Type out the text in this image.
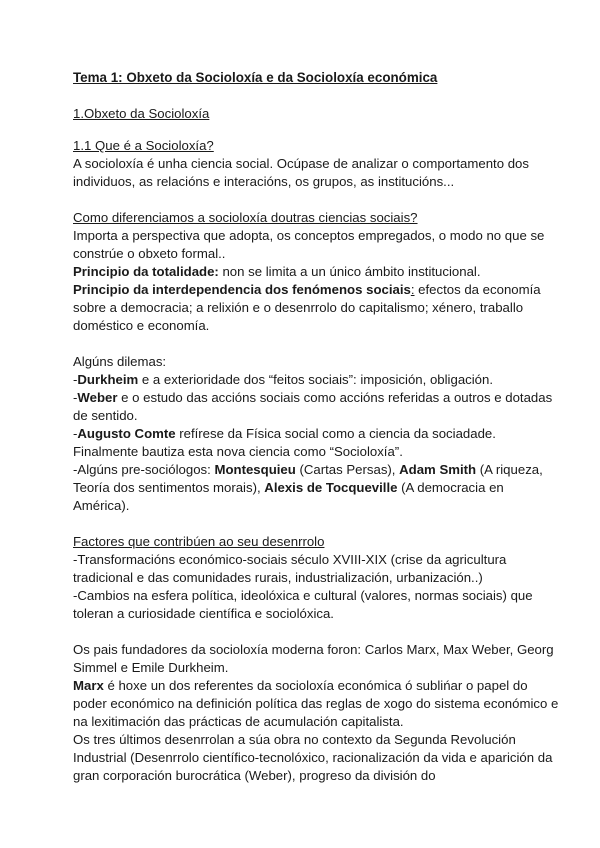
Tema 1: Obxeto da Socioloxía e da Socioloxía económica

1.Obxeto da Socioloxía

1.1 Que é a Socioloxía?

A socioloxía é unha ciencia social. Ocúpase de analizar o comportamento dos individuos, as relacións e interacións, os grupos, as institucións...

Como diferenciamos a socioloxía doutras ciencias sociais?

Importa a perspectiva que adopta, os conceptos empregados, o modo no que se constrúe o obxeto formal..

Principio da totalidade: non se limita a un único ámbito institucional.

Principio da interdependencia dos fenómenos sociais: efectos da economía sobre a democracia; a relixión e o desenrrolo do capitalismo; xénero, traballo doméstico e economía.

Algúns dilemas:

-Durkheim e a exterioridade dos “feitos sociais”: imposición, obligación.

-Weber e o estudo das accións sociais como accións referidas a outros e dotadas de sentido.

-Augusto Comte refírese da Física social como a ciencia da sociadade. Finalmente bautiza esta nova ciencia como “Socioloxía”.

-Algúns pre-sociólogos: Montesquieu (Cartas Persas), Adam Smith (A riqueza, Teoría dos sentimentos morais), Alexis de Tocqueville (A democracia en América).

Factores que contribúen ao seu desenrrolo

-Transformacións económico-sociais século XVIII-XIX (crise da agricultura tradicional e das comunidades rurais, industrialización, urbanización..)

-Cambios na esfera política, ideolóxica e cultural (valores, normas sociais) que toleran a curiosidade científica e sociolóxica.

Os pais fundadores da socioloxía moderna foron: Carlos Marx, Max Weber, Georg Simmel e Emile Durkheim.

Marx é hoxe un dos referentes da socioloxía económica ó sublińar o papel do poder económico na definición política das reglas de xogo do sistema económico e na lexitimación das prácticas de acumulación capitalista.

Os tres últimos desenrrolan a súa obra no contexto da Segunda Revolución Industrial (Desenrrolo científico-tecnolóxico, racionalización da vida e aparición da gran corporación burocrática (Weber), progreso da división do
